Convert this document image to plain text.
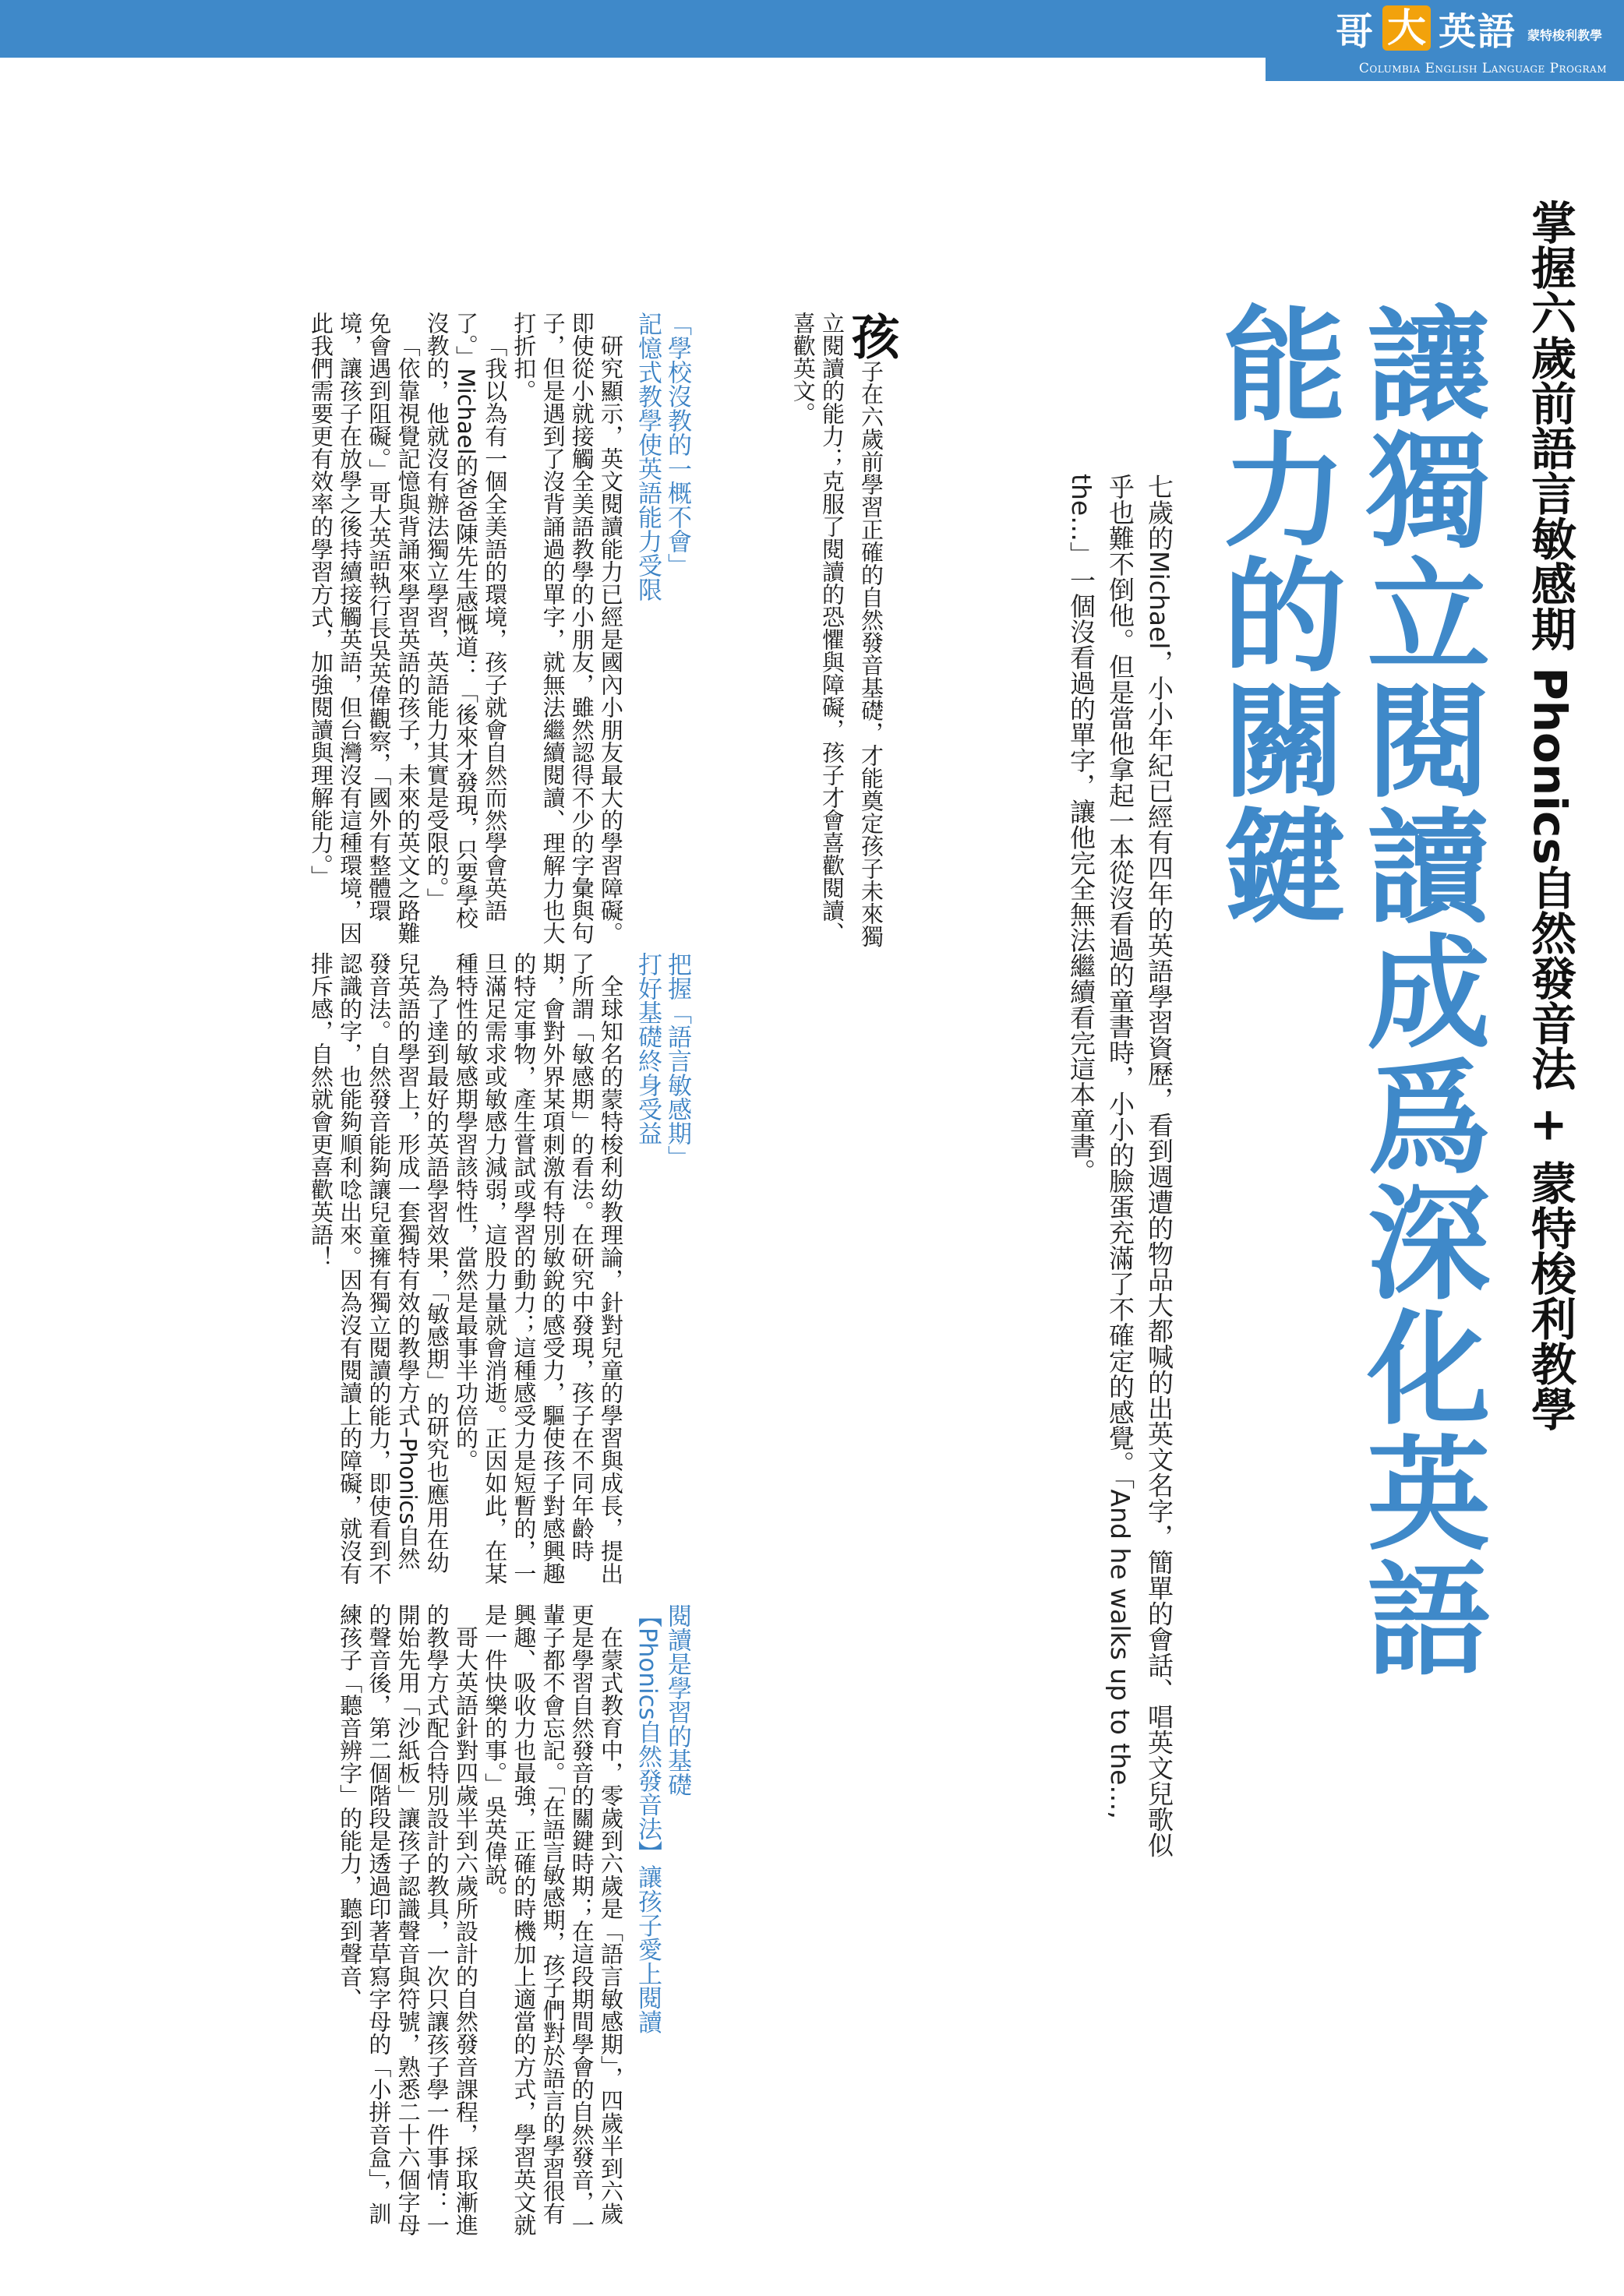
哥 大 英語 蒙特梭利教學
Columbia English Language Program
掌握六歲前語言敏感期 Phonics自然發音法 + 蒙特梭利教學
讓獨立閱讀成爲深化英語能力的關鍵
七歲的Michael，小小年紀已經有四年的英語學習資歷，看到週遭的物品大都喊的出英文名字，簡單的會話、唱英文兒歌似乎也難不倒他。但是當他拿起一本從沒看過的童書時，小小的臉蛋充滿了不確定的感覺。「And he walks up to the…, the…」一個沒看過的單字，讓他完全無法繼續看完這本童書。

孩子在六歲前學習正確的自然發音基礎，才能奠定孩子未來獨立閱讀的能力；克服了閱讀的恐懼與障礙，孩子才會喜歡閱讀、喜歡英文。

「學校沒教的一概不會」
記憶式教學使英語能力受限

研究顯示，英文閱讀能力已經是國內小朋友最大的學習障礙。即使從小就接觸全美語教學的小朋友，雖然認得不少的字彙與句子，但是遇到了沒背誦過的單字，就無法繼續閱讀、理解力也大打折扣。

「我以為有一個全美語的環境，孩子就會自然而然學會英語了。」Michael的爸爸陳先生感慨道：「後來才發現，只要學校沒教的，他就沒有辦法獨立學習，英語能力其實是受限的。」

「依靠視覺記憶與背誦來學習英語的孩子，未來的英文之路難免會遇到阻礙。」哥大英語執行長吳英偉觀察，「國外有整體環境，讓孩子在放學之後持續接觸英語，但台灣沒有這種環境，因此我們需要更有效率的學習方式，加強閱讀與理解能力。」

把握「語言敏感期」
打好基礎終身受益

全球知名的蒙特梭利幼教理論，針對兒童的學習與成長，提出了所謂「敏感期」的看法。在研究中發現，孩子在不同年齡時期，會對外界某項刺激有特別敏銳的感受力，驅使孩子對感興趣的特定事物，產生嘗試或學習的動力；這種感受力是短暫的，一旦滿足需求或敏感力減弱，這股力量就會消逝。正因如此，在某種特性的敏感期學習該特性，當然是最事半功倍的。

為了達到最好的英語學習效果，「敏感期」的研究也應用在幼兒英語的學習上，形成一套獨特有效的教學方式–Phonics自然發音法。自然發音能夠讓兒童擁有獨立閱讀的能力，即使看到不認識的字，也能夠順利唸出來。因為沒有閱讀上的障礙，就沒有排斥感，自然就會更喜歡英語！

閱讀是學習的基礎
【Phonics自然發音法】讓孩子愛上閱讀

在蒙式教育中，零歲到六歲是「語言敏感期」，四歲半到六歲更是學習自然發音的關鍵時期；在這段期間學會的自然發音，一輩子都不會忘記。「在語言敏感期，孩子們對於語言的學習很有興趣、吸收力也最強，正確的時機加上適當的方式，學習英文就是一件快樂的事。」吳英偉說。

哥大英語針對四歲半到六歲所設計的自然發音課程，採取漸進的教學方式配合特別設計的教具，一次只讓孩子學一件事情：一開始先用「沙紙板」讓孩子認識聲音與符號，熟悉二十六個字母的聲音後，第二個階段是透過印著草寫字母的「小拼音盒」，訓練孩子「聽音辨字」的能力，聽到聲音、
